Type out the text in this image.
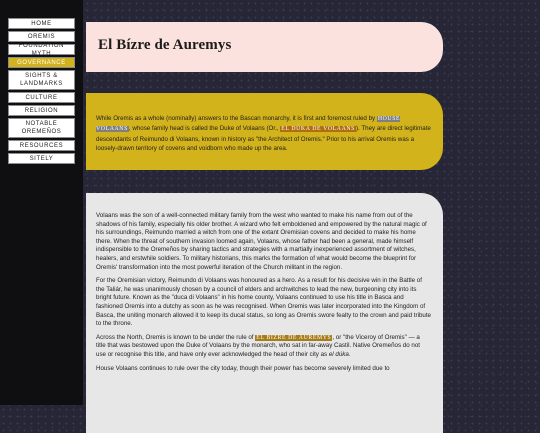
HOME
OREMIS
FOUNDATION MYTH
GOVERNANCE
SIGHTS & LANDMARKS
CULTURE
RELIGION
NOTABLE OREMEÑOS
RESOURCES
SITELY
El Bízre de Auremys
While Oremis as a whole (nominally) answers to the Bascan monarchy, it is first and foremost ruled by HOUSE VOLAANS, whose family head is called the Duke of Volaans (Or., EL DÚKA DE VOLAANS). They are direct legitimate descendants of Reimundo di Volaans, known in history as "the Architect of Oremis." Prior to his arrival Oremis was a loosely-drawn territory of covens and voidborn who made up the area.

Volaans was the son of a well-connected military family from the west who wanted to make his name from out of the shadows of his family, especially his older brother. A wizard who felt emboldened and empowered by the natural magic of his surroundings, Reimundo married a witch from one of the extant Oremisian covens and decided to make his home there. When the threat of southern invasion loomed again, Volaans, whose father had been a general, made himself indispensible to the Oremeños by sharing tactics and strategies with a martially inexperienced assortment of witches, healers, and erstwhile soldiers. To military historians, this marks the formation of what would become the blueprint for Oremis' transformation into the most powerful iteration of the Church militant in the region.

For the Oremisian victory, Reimundo di Volaans was honoured as a hero. As a result for his decisive win in the Battle of the Taliár, he was unanimously chosen by a council of elders and archwitches to lead the new, burgeoning city into its bright future. Known as the "duca di Volaans" in his home county, Volaans continued to use his title in Basca and fashioned Oremis into a dutchy as soon as he was recognised. When Oremis was later incorporated into the Kingdom of Basca, the uniting monarch allowed it to keep its ducal status, so long as Oremis swore fealty to the crown and paid tribute to the throne.

Across the North, Oremis is known to be under the rule of EL BÍZRE DE AUREMYS, or "the Viceroy of Oremis" — a title that was bestowed upon the Duke of Volaans by the monarch, who sat in far-away Castil. Native Oremeños do not use or recognise this title, and have only ever acknowledged the head of their city as el dúka.

House Volaans continues to rule over the city today, though their power has become severely limited due to
